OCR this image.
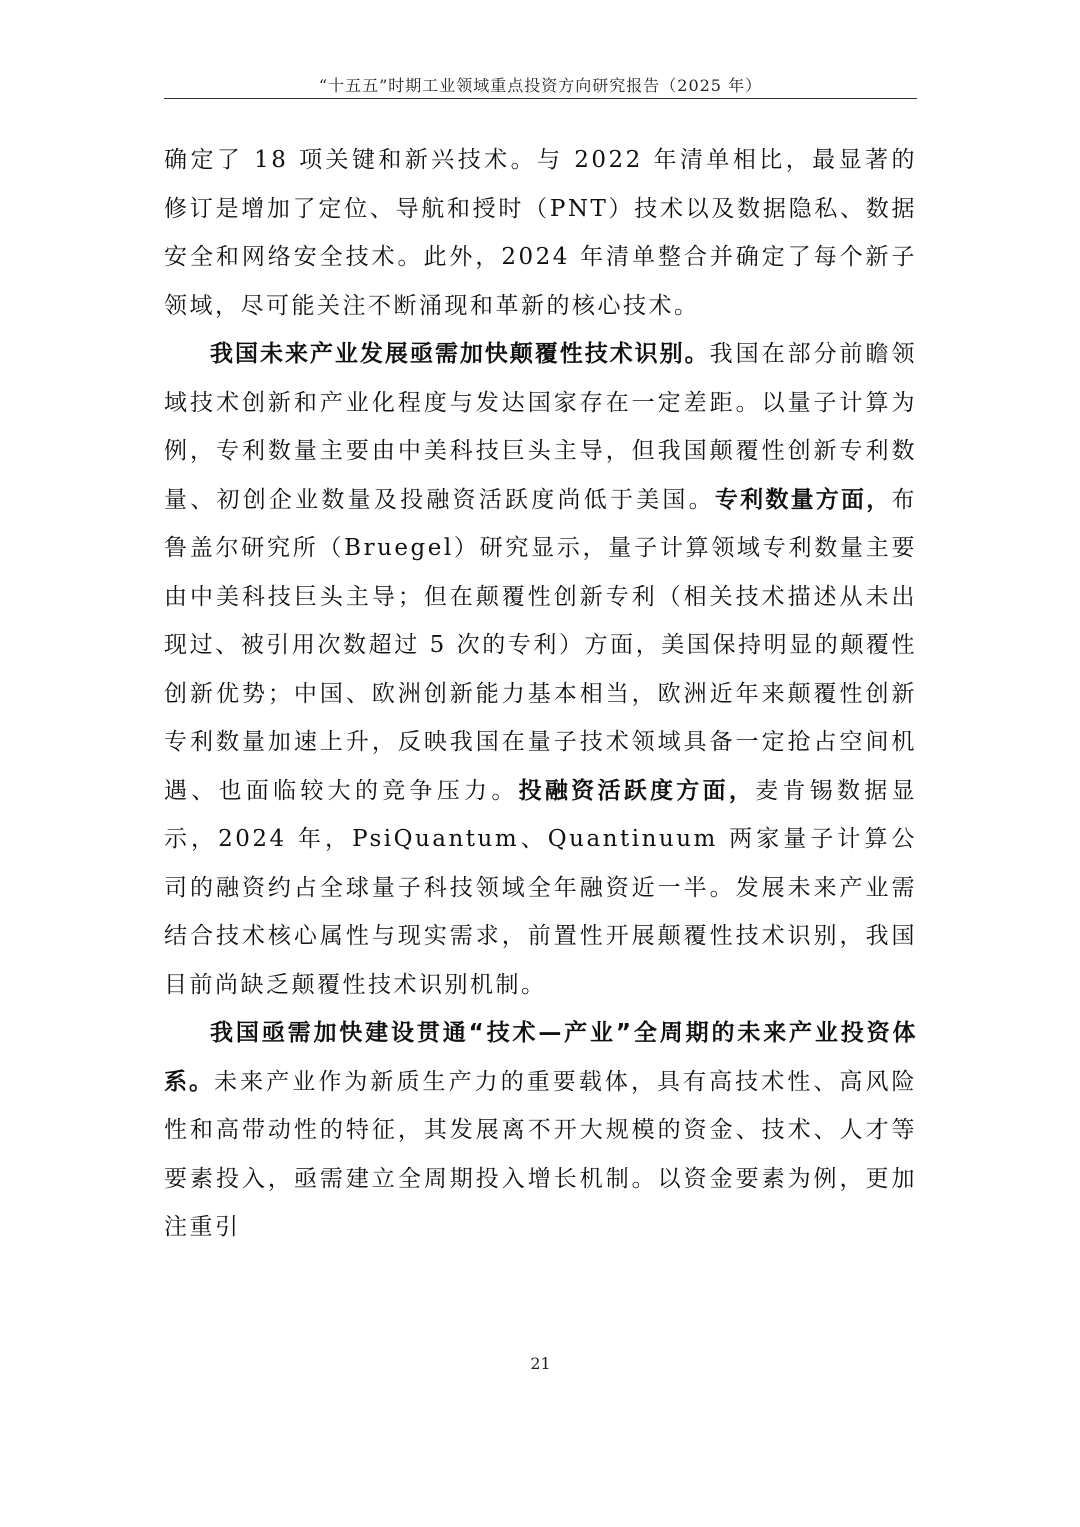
“十五五”时期工业领域重点投资方向研究报告（2025 年）

确定了 18 项关键和新兴技术。与 2022 年清单相比，最显著的修订是增加了定位、导航和授时（PNT）技术以及数据隐私、数据安全和网络安全技术。此外，2024 年清单整合并确定了每个新子领域，尽可能关注不断涌现和革新的核心技术。

我国未来产业发展亟需加快颠覆性技术识别。我国在部分前瞻领域技术创新和产业化程度与发达国家存在一定差距。以量子计算为例，专利数量主要由中美科技巨头主导，但我国颠覆性创新专利数量、初创企业数量及投融资活跃度尚低于美国。专利数量方面，布鲁盖尔研究所（Bruegel）研究显示，量子计算领域专利数量主要由中美科技巨头主导；但在颠覆性创新专利（相关技术描述从未出现过、被引用次数超过 5 次的专利）方面，美国保持明显的颠覆性创新优势；中国、欧洲创新能力基本相当，欧洲近年来颠覆性创新专利数量加速上升，反映我国在量子技术领域具备一定抢占空间机遇、也面临较大的竞争压力。投融资活跃度方面，麦肯锡数据显示，2024 年，PsiQuantum、Quantinuum 两家量子计算公司的融资约占全球量子科技领域全年融资近一半。发展未来产业需结合技术核心属性与现实需求，前置性开展颠覆性技术识别，我国目前尚缺乏颠覆性技术识别机制。

我国亟需加快建设贯通“技术—产业”全周期的未来产业投资体系。未来产业作为新质生产力的重要载体，具有高技术性、高风险性和高带动性的特征，其发展离不开大规模的资金、技术、人才等要素投入，亟需建立全周期投入增长机制。以资金要素为例，更加注重引

21
